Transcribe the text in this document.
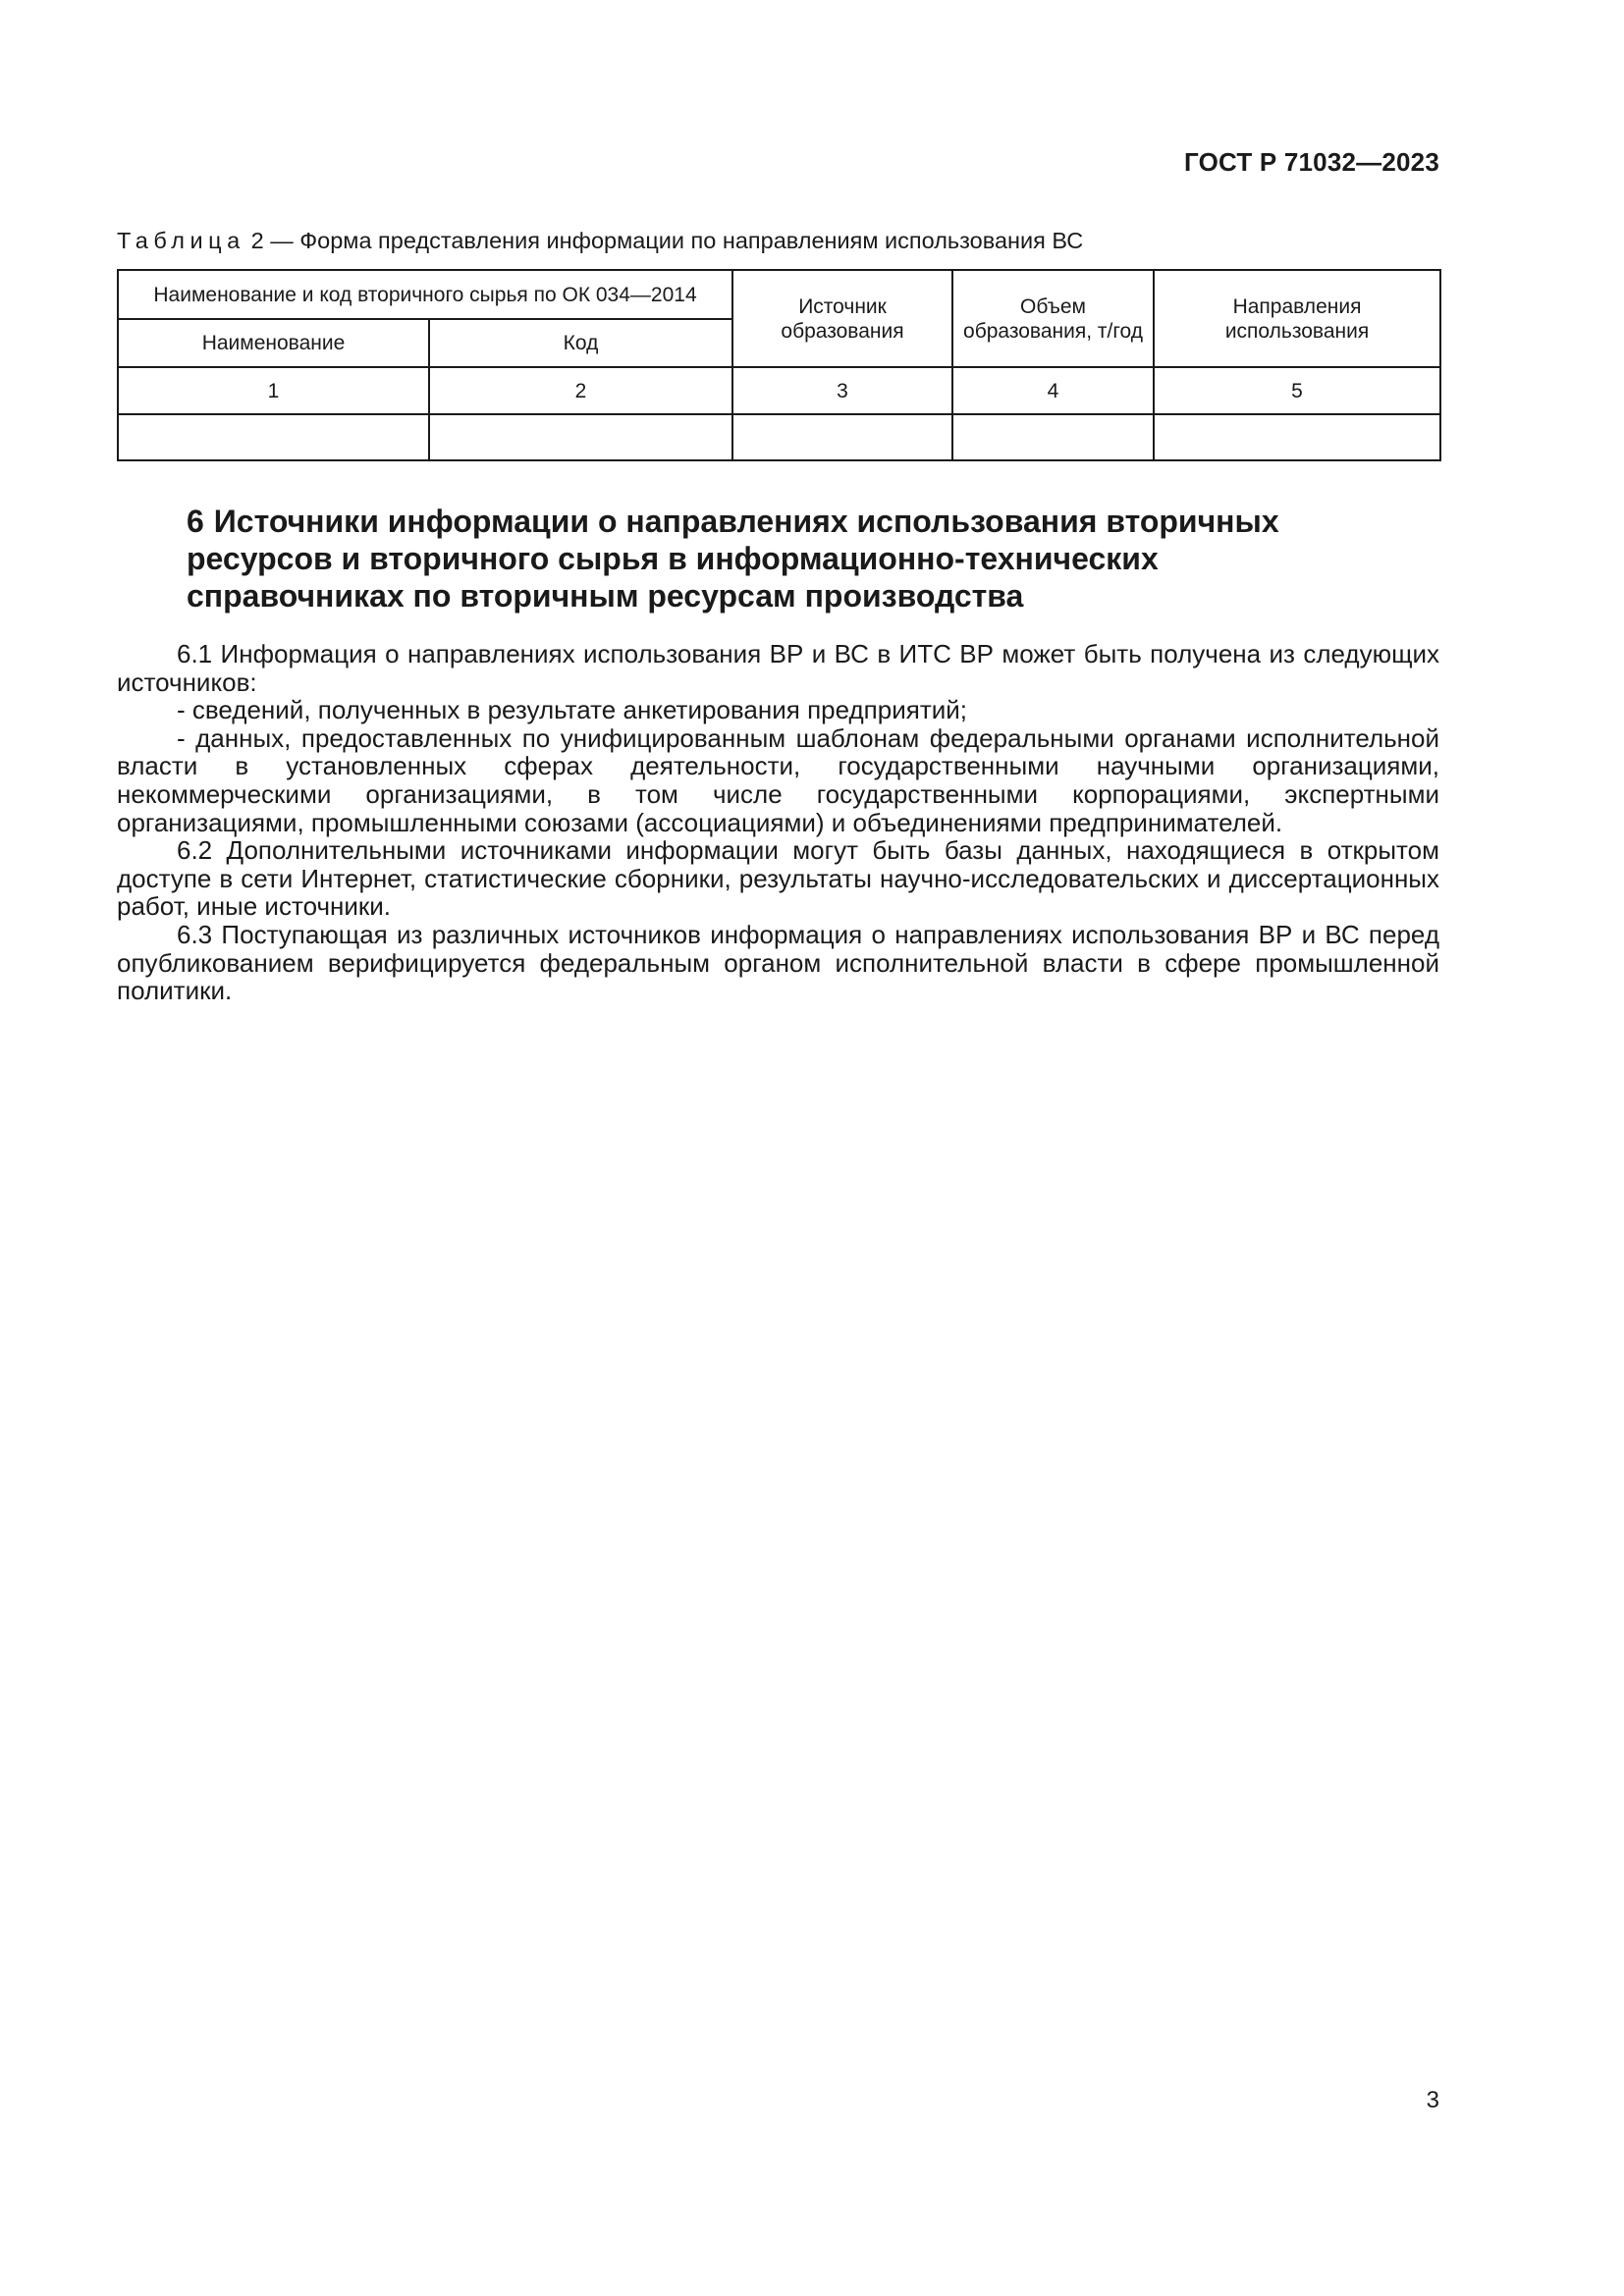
ГОСТ Р 71032—2023
Таблица 2 — Форма представления информации по направлениям использования ВС
Наименование и код вторичного сырья по ОК 034—2014		Источник образования	Объем образования, т/год	Направления использования
Наименование	Код			
1	2	3	4	5

6 Источники информации о направлениях использования вторичных ресурсов и вторичного сырья в информационно-технических справочниках по вторичным ресурсам производства

6.1 Информация о направлениях использования ВР и ВС в ИТС ВР может быть получена из следующих источников:

- сведений, полученных в результате анкетирования предприятий;

- данных, предоставленных по унифицированным шаблонам федеральными органами исполнительной власти в установленных сферах деятельности, государственными научными организациями, некоммерческими организациями, в том числе государственными корпорациями, экспертными организациями, промышленными союзами (ассоциациями) и объединениями предпринимателей.

6.2 Дополнительными источниками информации могут быть базы данных, находящиеся в открытом доступе в сети Интернет, статистические сборники, результаты научно-исследовательских и диссертационных работ, иные источники.

6.3 Поступающая из различных источников информация о направлениях использования ВР и ВС перед опубликованием верифицируется федеральным органом исполнительной власти в сфере промышленной политики.

3
